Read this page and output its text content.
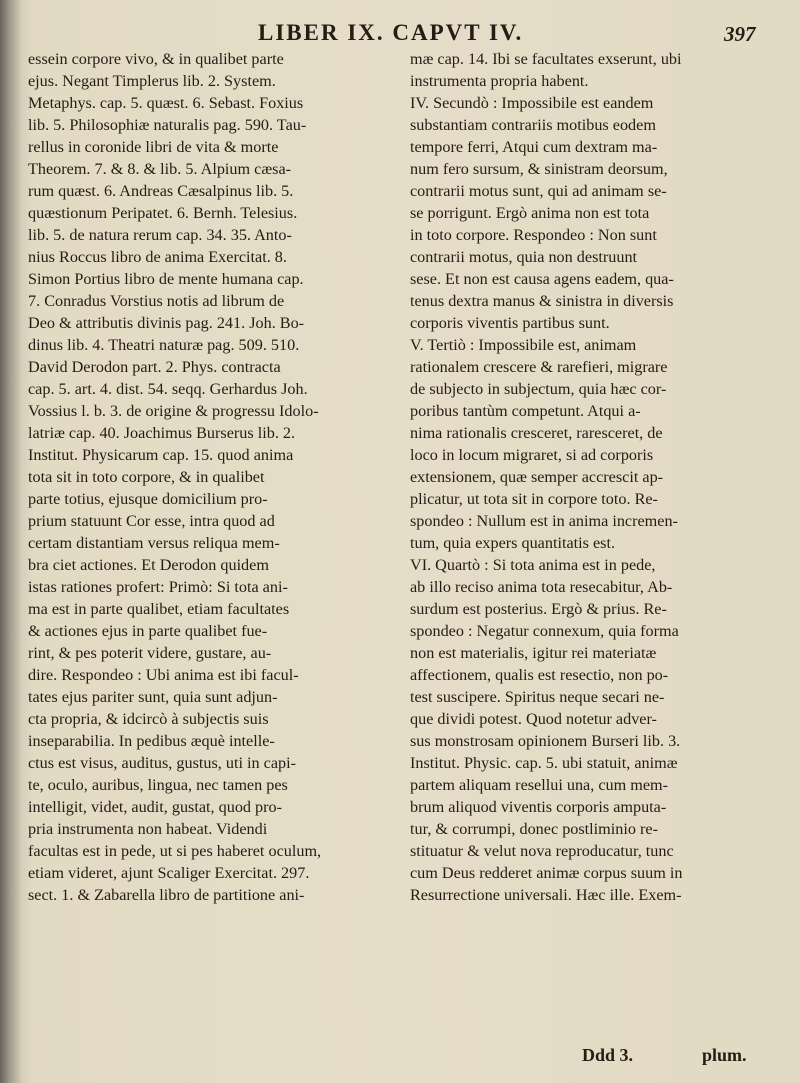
LIBER IX. CAPVT IV.	397
essein corpore vivo, & in qualibet parte
ejus. Negant Timplerus lib. 2. System.
Metaphys. cap. 5. quæst. 6. Sebast. Foxius
lib. 5. Philosophiæ naturalis pag. 590. Tau-
rellus in coronide libri de vita & morte
Theorem. 7. & 8. & lib. 5. Alpium cæsa-
rum quæst. 6. Andreas Cæsalpinus lib. 5.
quæstionum Peripatet. 6. Bernh. Telesius.
lib. 5. de natura rerum cap. 34. 35. Anto-
nius Roccus libro de anima Exercitat. 8.
Simon Portius libro de mente humana cap.
7. Conradus Vorstius notis ad librum de
Deo & attributis divinis pag. 241. Joh. Bo-
dinus lib. 4. Theatri naturæ pag. 509. 510.
David Derodon part. 2. Phys. contracta
cap. 5. art. 4. dist. 54. seqq. Gerhardus Joh.
Vossius l. b. 3. de origine & progressu Idolo-
latriæ cap. 40. Joachimus Burserus lib. 2.
Institut. Physicarum cap. 15. quod anima
tota sit in toto corpore, & in qualibet
parte totius, ejusque domicilium pro-
prium statuunt Cor esse, intra quod ad
certam distantiam versus reliqua mem-
bra ciet actiones. Et Derodon quidem
istas rationes profert: Primò: Si tota ani-
ma est in parte qualibet, etiam facultates
& actiones ejus in parte qualibet fue-
rint, & pes poterit videre, gustare, au-
dire. Respondeo : Ubi anima est ibi facul-
tates ejus pariter sunt, quia sunt adjun-
cta propria, & idcircò à subjectis suis
inseparabilia. In pedibus æquè intelle-
ctus est visus, auditus, gustus, uti in capi-
te, oculo, auribus, lingua, nec tamen pes
intelligit, videt, audit, gustat, quod pro-
pria instrumenta non habeat. Videndi
facultas est in pede, ut si pes haberet oculum,
etiam videret, ajunt Scaliger Exercitat. 297.
sect. 1. & Zabarella libro de partitione ani-
mæ cap. 14. Ibi se facultates exserunt, ubi
instrumenta propria habent.
IV. Secundò : Impossibile est eandem
substantiam contrariis motibus eodem
tempore ferri, Atqui cum dextram ma-
num fero sursum, & sinistram deorsum,
contrarii motus sunt, qui ad animam se-
se porrigunt. Ergò anima non est tota
in toto corpore. Respondeo : Non sunt
contrarii motus, quia non destruunt
sese. Et non est causa agens eadem, qua-
tenus dextra manus & sinistra in diversis
corporis viventis partibus sunt.
V. Tertiò : Impossibile est, animam
rationalem crescere & rarefieri, migrare
de subjecto in subjectum, quia hæc cor-
poribus tantùm competunt. Atqui a-
nima rationalis cresceret, raresceret, de
loco in locum migraret, si ad corporis
extensionem, quæ semper accrescit ap-
plicatur, ut tota sit in corpore toto. Re-
spondeo : Nullum est in anima incremen-
tum, quia expers quantitatis est.
VI. Quartò : Si tota anima est in pede,
ab illo reciso anima tota resecabitur, Ab-
surdum est posterius. Ergò & prius. Re-
spondeo : Negatur connexum, quia forma
non est materialis, igitur rei materiatæ
affectionem, qualis est resectio, non po-
test suscipere. Spiritus neque secari ne-
que dividi potest. Quod notetur adver-
sus monstrosam opinionem Burseri lib. 3.
Institut. Physic. cap. 5. ubi statuit, animæ
partem aliquam resellui una, cum mem-
brum aliquod viventis corporis amputa-
tur, & corrumpi, donec postliminio re-
stituatur & velut nova reproducatur, tunc
cum Deus redderet animæ corpus suum in
Resurrectione universali. Hæc ille. Exem-
Ddd 3.	plum.
